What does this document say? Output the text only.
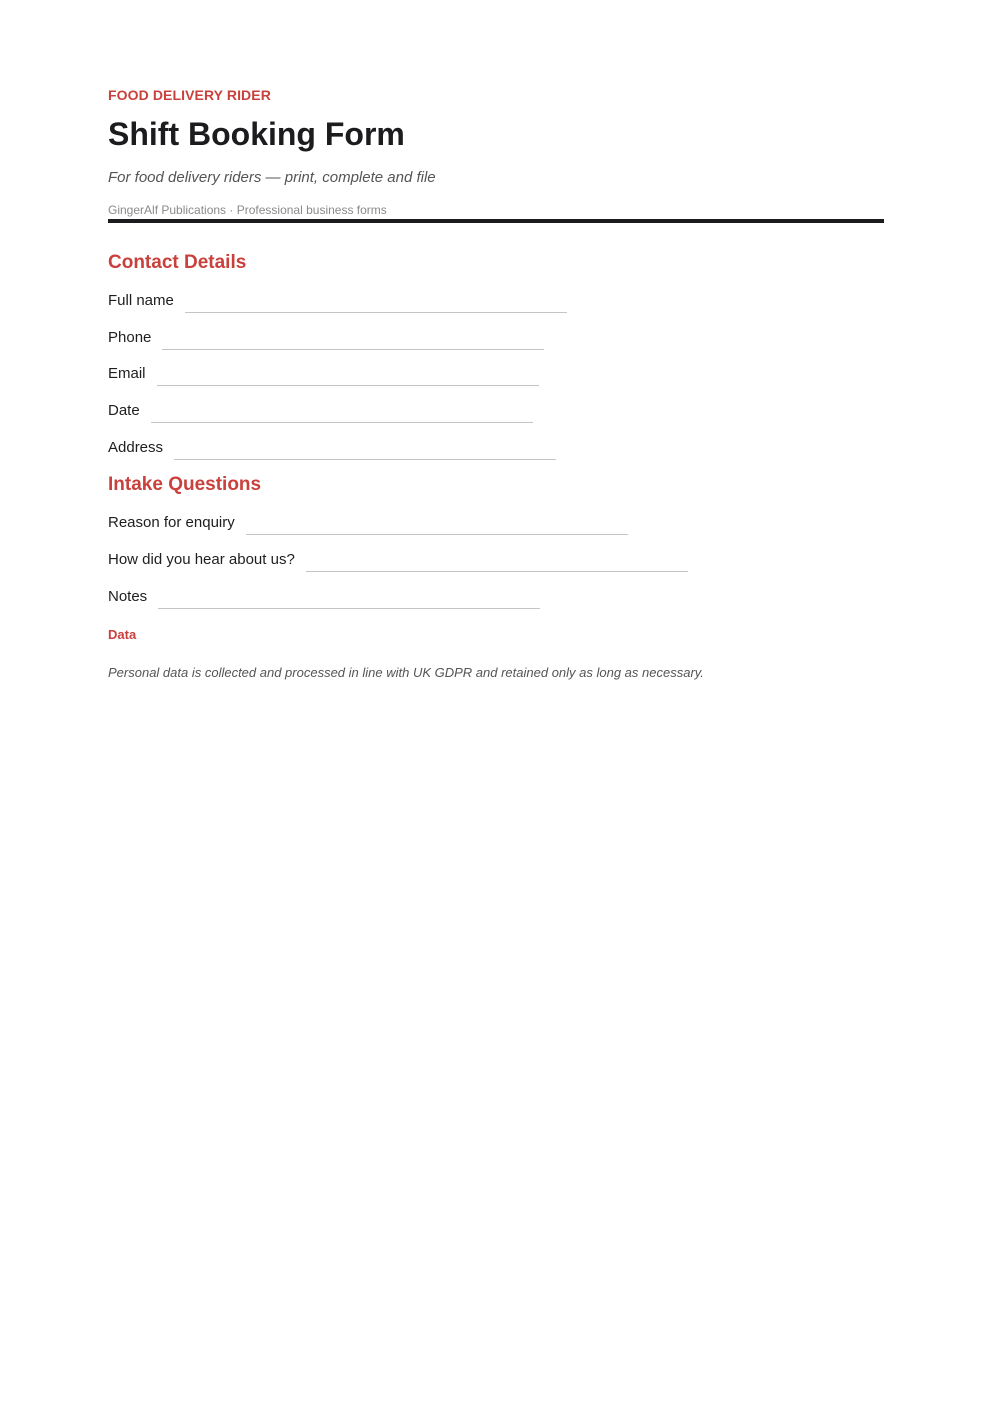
FOOD DELIVERY RIDER
Shift Booking Form
For food delivery riders — print, complete and file
GingerAlf Publications · Professional business forms
Contact Details
Full name
Phone
Email
Date
Address
Intake Questions
Reason for enquiry
How did you hear about us?
Notes
Data
Personal data is collected and processed in line with UK GDPR and retained only as long as necessary.
